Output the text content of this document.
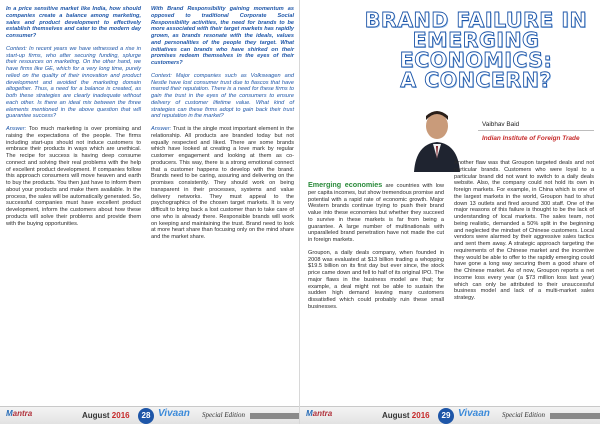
In a price sensitive market like India, how should companies create a balance among marketing, sales and product development to effectively establish themselves and cater to the modern day consumer?
Context: In recent years we have witnessed a rise in start-up firms, who after securing funding, splurge their resources on marketing. On the other hand, we have firms like GE, which for a very long time, purely relied on the quality of their innovation and product development and avoided the marketing domain altogether. Thus, a need for a balance is created, as both these strategies are clearly inadequate without each other. Is there an ideal mix between the three elements mentioned in the above question that will guarantee success?
Answer: Too much marketing is over promising and raising the expectations of the people. The firms including start-ups should not induce customers to embrace their products in ways which are unethical. The recipe for success is having deep consume connect and solving their real problems with the help of excellent product development. If companies follow this approach consumers will move heaven and earth to buy the products. You then just have to inform them about your products and make them available. In the process, the sales will be automatically generated. So, successful companies must have excellent product development, inform the customers about how these products will solve their problems and provide them with the buying opportunities.
With Brand Responsibility gaining momentum as opposed to traditional Corporate Social Responsibility activities, the need for brands to be more associated with their target markets has rapidly grown, as brands resonate with the ideals, values and personalities of the people they target. What initiatives can brands who have shirked on their promises redeem themselves in the eyes of their customers?
Context: Major companies such as Volkswagen and Nestle have lost consumer trust due to fiascos that have marred their reputation. There is a need for these firms to gain the trust in the eyes of the consumers to ensure delivery of customer lifetime value. What kind of strategies can these firms adopt to gain back their trust and reputation in the market?
Answer: Trust is the single most important element in the relationship. All products are branded today but not equally respected and liked. There are some brands which have looked at creating a love mark by regular customer engagement and looking at them as co-producers. This way, there is a strong emotional connect that a customer happens to develop with the brand. Brands need to be caring, assuring and delivering on the promises consistently. They should work on being transparent in their processes, systems and value delivery networks. They must appeal to the psychographics of the chosen target markets. It is very difficult to bring back a lost customer than to take care of one who is already there. Responsible brands will work on keeping and maintaining the trust. Brand need to look at more heart share than focusing only on the mind share and the market share.
Mantra	August 2016	28 Vivaan Special Edition
BRAND FAILURE IN
EMERGING ECONOMICS:
A CONCERN?
Vaibhav Baid
Indian Institute of Foreign Trade
Emerging economies are countries with low per capita incomes, but show tremendous promise and potential with a rapid rate of economic growth. Major Western brands continue trying to push their brand value into these economies but whether they succeed to survive in these markets is far from being a guarantee. A large number of multinationals with unparalleled brand penetration have not made the cut in foreign markets.
Groupon, a daily deals company, when founded in 2008 was evaluated at $13 billion trading a whopping $19.5 billion on its first day but ever since, the stock price came down and fell to half of its original IPO. The major flaws in the business model are that; for example, a deal might not be able to sustain the sudden high demand leaving many customers dissatisfied which could probably ruin these small businesses.
Another flaw was that Groupon targeted deals and not particular brands. Customers who were loyal to a particular brand did not want to switch to a daily deals website. Also, the company could not hold its own in foreign markets. For example, in China which is one of the largest markets in the world, Groupon had to shut down 13 outlets and fired around 300 staff. One of the major reasons of this failure is thought to be the lack of understanding of local markets. The sales team, not being realistic, demanded a 50% split in the beginning and neglected the mindset of Chinese customers. Local vendors were alarmed by their aggressive sales tactics and sent them away. A strategic approach targeting the requirements of the Chinese market and the incentive they would be able to offer to the rapidly emerging could have gone a long way securing them a good share of the Chinese market. As of now, Groupon reports a net income loss every year (a $73 million loss last year) which can only be attributed to their unsuccessful business model and lack of a multi-market sales strategy.
Mantra	August 2016	29 Vivaan Special Edition
